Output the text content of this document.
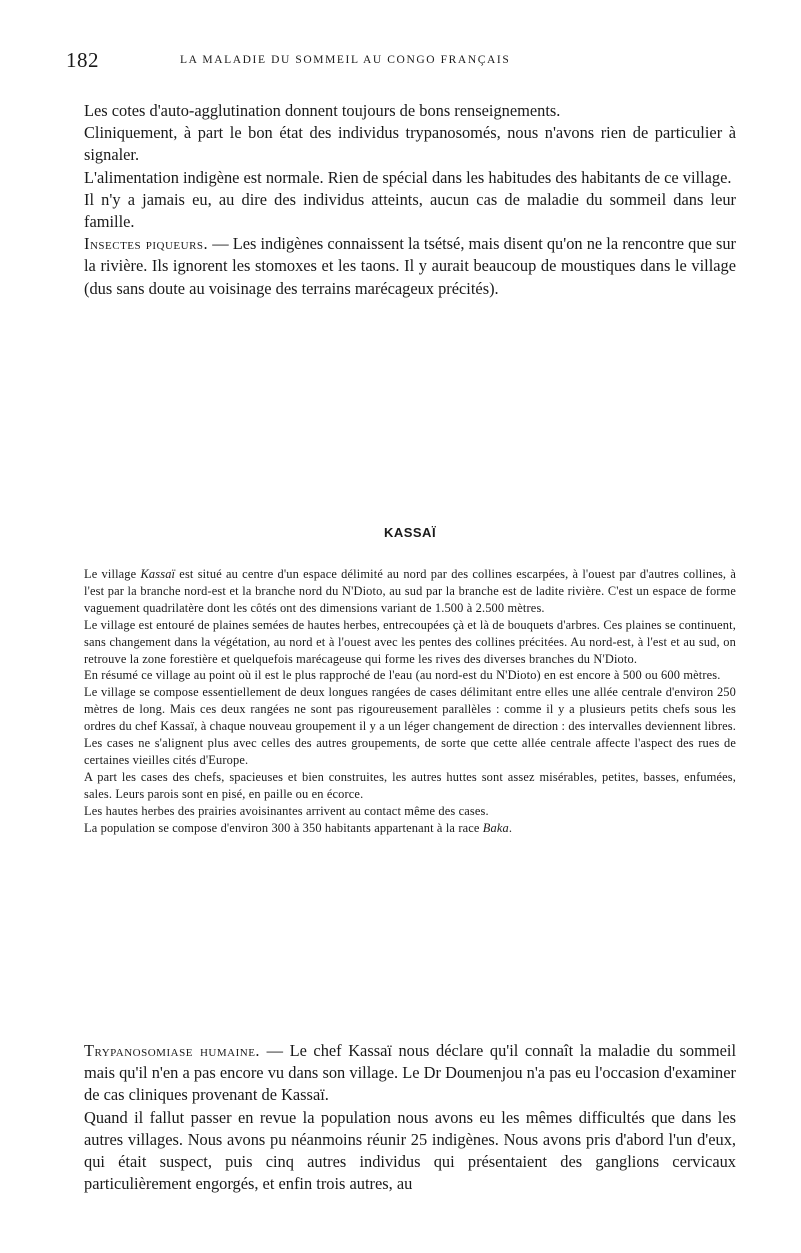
182	LA MALADIE DU SOMMEIL AU CONGO FRANÇAIS

Les cotes d'auto-agglutination donnent toujours de bons renseignements.

Cliniquement, à part le bon état des individus trypanosomés, nous n'avons rien de particulier à signaler.

L'alimentation indigène est normale. Rien de spécial dans les habitudes des habitants de ce village.

Il n'y a jamais eu, au dire des individus atteints, aucun cas de maladie du sommeil dans leur famille.

Insectes piqueurs. — Les indigènes connaissent la tsétsé, mais disent qu'on ne la rencontre que sur la rivière. Ils ignorent les stomoxes et les taons. Il y aurait beaucoup de moustiques dans le village (dus sans doute au voisinage des terrains marécageux précités).

KASSAÏ

Le village Kassaï est situé au centre d'un espace délimité au nord par des collines escarpées, à l'ouest par d'autres collines, à l'est par la branche nord-est et la branche nord du N'Dioto, au sud par la branche est de ladite rivière. C'est un espace de forme vaguement quadrilatère dont les côtés ont des dimensions variant de 1.500 à 2.500 mètres.

Le village est entouré de plaines semées de hautes herbes, entrecoupées çà et là de bouquets d'arbres. Ces plaines se continuent, sans changement dans la végétation, au nord et à l'ouest avec les pentes des collines précitées. Au nord-est, à l'est et au sud, on retrouve la zone forestière et quelquefois marécageuse qui forme les rives des diverses branches du N'Dioto.

En résumé ce village au point où il est le plus rapproché de l'eau (au nord-est du N'Dioto) en est encore à 500 ou 600 mètres.

Le village se compose essentiellement de deux longues rangées de cases délimitant entre elles une allée centrale d'environ 250 mètres de long. Mais ces deux rangées ne sont pas rigoureusement parallèles : comme il y a plusieurs petits chefs sous les ordres du chef Kassaï, à chaque nouveau groupement il y a un léger changement de direction : des intervalles deviennent libres. Les cases ne s'alignent plus avec celles des autres groupements, de sorte que cette allée centrale affecte l'aspect des rues de certaines vieilles cités d'Europe.

A part les cases des chefs, spacieuses et bien construites, les autres huttes sont assez misérables, petites, basses, enfumées, sales. Leurs parois sont en pisé, en paille ou en écorce.

Les hautes herbes des prairies avoisinantes arrivent au contact même des cases.

La population se compose d'environ 300 à 350 habitants appartenant à la race Baka.

Trypanosomiase humaine. — Le chef Kassaï nous déclare qu'il connaît la maladie du sommeil mais qu'il n'en a pas encore vu dans son village. Le Dr Doumenjou n'a pas eu l'occasion d'examiner de cas cliniques provenant de Kassaï.

Quand il fallut passer en revue la population nous avons eu les mêmes difficultés que dans les autres villages. Nous avons pu néanmoins réunir 25 indigènes. Nous avons pris d'abord l'un d'eux, qui était suspect, puis cinq autres individus qui présentaient des ganglions cervicaux particulièrement engorgés, et enfin trois autres, au
